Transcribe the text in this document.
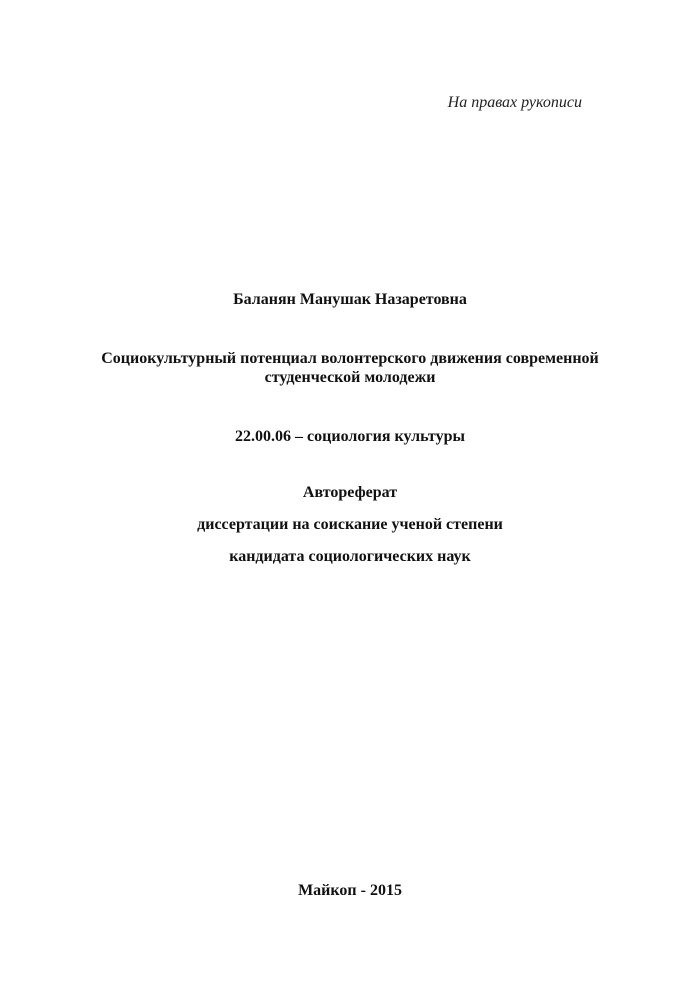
На правах рукописи
Баланян Манушак Назаретовна
Социокультурный потенциал волонтерского движения современной
студенческой молодежи
22.00.06 – социология культуры
Автореферат
диссертации на соискание ученой степени
кандидата социологических наук
Майкоп - 2015
